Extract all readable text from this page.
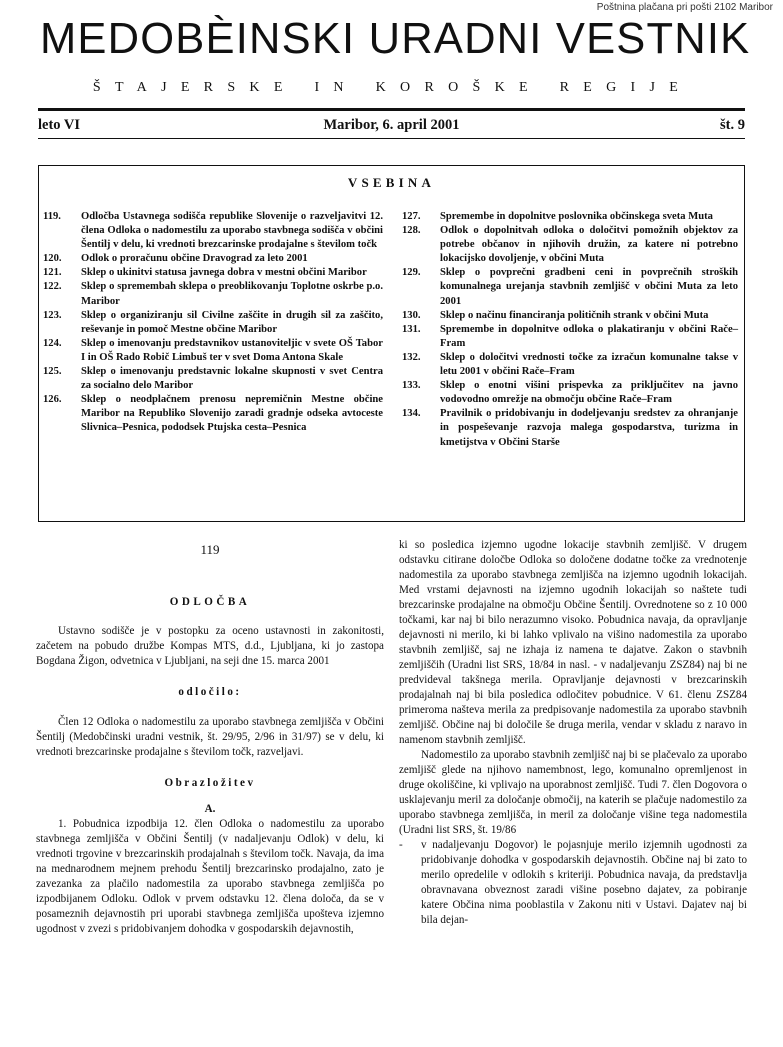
Poštnina plačana pri pošti 2102 Maribor
MEDOBÈINSKI URADNI VESTNIK
ŠTAJERSKE IN KOROŠKE REGIJE
leto VI	Maribor, 6. april 2001	št. 9
VSEBINA
119.	Odločba Ustavnega sodišča republike Slovenije o razveljavitvi 12. člena Odloka o nadomestilu za uporabo stavbnega sodišča v občini Šentilj v delu, ki vrednoti brezcarinske prodajalne s številom točk
120.	Odlok o proračunu občine Dravograd za leto 2001
121.	Sklep o ukinitvi statusa javnega dobra v mestni občini Maribor
122.	Sklep o spremembah sklepa o preoblikovanju Toplotne oskrbe p.o. Maribor
123.	Sklep o organiziranju sil Civilne zaščite in drugih sil za zaščito, reševanje in pomoč Mestne občine Maribor
124.	Sklep o imenovanju predstavnikov ustanoviteljic v svete OŠ Tabor I in OŠ Rado Robič Limbuš ter v svet Doma Antona Skale
125.	Sklep o imenovanju predstavnic lokalne skupnosti v svet Centra za socialno delo Maribor
126.	Sklep o neodplačnem prenosu nepremičnin Mestne občine Maribor na Republiko Slovenijo zaradi gradnje odseka avtoceste Slivnica–Pesnica, pododsek Ptujska cesta–Pesnica
127.	Spremembe in dopolnitve poslovnika občinskega sveta Muta
128.	Odlok o dopolnitvah odloka o določitvi pomožnih objektov za potrebe občanov in njihovih družin, za katere ni potrebno lokacijsko dovoljenje, v občini Muta
129.	Sklep o povprečni gradbeni ceni in povprečnih stroških komunalnega urejanja stavbnih zemljišč v občini Muta za leto 2001
130.	Sklep o načinu financiranja političnih strank v občini Muta
131.	Spremembe in dopolnitve odloka o plakatiranju v občini Rače–Fram
132.	Sklep o določitvi vrednosti točke za izračun komunalne takse v letu 2001 v občini Rače–Fram
133.	Sklep o enotni višini prispevka za priključitev na javno vodovodno omrežje na območju občine Rače–Fram
134.	Pravilnik o pridobivanju in dodeljevanju sredstev za ohranjanje in pospeševanje razvoja malega gospodarstva, turizma in kmetijstva v Občini Starše
119
ODLOČBA

Ustavno sodišče je v postopku za oceno ustavnosti in zakonitosti, začetem na pobudo družbe Kompas MTS, d.d., Ljubljana, ki jo zastopa Bogdana Žigon, odvetnica v Ljubljani, na seji dne 15. marca 2001

odločilo:

Člen 12 Odloka o nadomestilu za uporabo stavbnega zemljišča v Občini Šentilj (Medobčinski uradni vestnik, št. 29/95, 2/96 in 31/97) se v delu, ki vrednoti brezcarinske prodajalne s številom točk, razveljavi.

Obrazložitev
A.

1. Pobudnica izpodbija 12. člen Odloka o nadomestilu za uporabo stavbnega zemljišča v Občini Šentilj (v nadaljevanju Odlok) v delu, ki vrednoti trgovine v brezcarinskih prodajalnah s številom točk. Navaja, da ima na mednarodnem mejnem prehodu Šentilj brezcarinsko prodajalno, zato je zavezanka za plačilo nadomestila za uporabo stavbnega zemljišča po izpodbijanem Odloku. Odlok v prvem odstavku 12. člena določa, da se v posameznih dejavnostih pri uporabi stavbnega zemljišča upošteva izjemno ugodnost v zvezi s pridobivanjem dohodka v gospodarskih dejavnostih,

ki so posledica izjemno ugodne lokacije stavbnih zemljišč. V drugem odstavku citirane določbe Odloka so določene dodatne točke za vrednotenje nadomestila za uporabo stavbnega zemljišča na izjemno ugodnih lokacijah. Med vrstami dejavnosti na izjemno ugodnih lokacijah so naštete tudi brezcarinske prodajalne na območju Občine Šentilj. Ovrednotene so z 10 000 točkami, kar naj bi bilo nerazumno visoko. Pobudnica navaja, da opravljanje dejavnosti ni merilo, ki bi lahko vplivalo na višino nadomestila za uporabo stavbnih zemljišč, saj ne izhaja iz namena te dajatve. Zakon o stavbnih zemljiščih (Uradni list SRS, 18/84 in nasl. - v nadaljevanju ZSZ84) naj bi ne predvideval takšnega merila. Opravljanje dejavnosti v brezcarinskih prodajalnah naj bi bila posledica odločitev pobudnice. V 61. členu ZSZ84 primeroma našteva merila za predpisovanje nadomestila za uporabo stavbnih zemljišč. Občine naj bi določile še druga merila, vendar v skladu z naravo in namenom stavbnih zemljišč.

Nadomestilo za uporabo stavbnih zemljišč naj bi se plačevalo za uporabo zemljišč glede na njihovo namembnost, lego, komunalno opremljenost in druge okoliščine, ki vplivajo na uporabnost zemljišč. Tudi 7. člen Dogovora o usklajevanju meril za določanje območij, na katerih se plačuje nadomestilo za uporabo stavbnega zemljišča, in meril za določanje višine tega nadomestila (Uradni list SRS, št. 19/86

-	v nadaljevanju Dogovor) le pojasnjuje merilo izjemnih ugodnosti za pridobivanje dohodka v gospodarskih dejavnostih. Občine naj bi zato to merilo opredelile v odlokih s kriteriji. Pobudnica navaja, da predstavlja obravnavana obveznost zaradi višine posebno dajatev, za pobiranje katere Občina nima pooblastila v Zakonu niti v Ustavi. Dajatev naj bi bila dejan-
